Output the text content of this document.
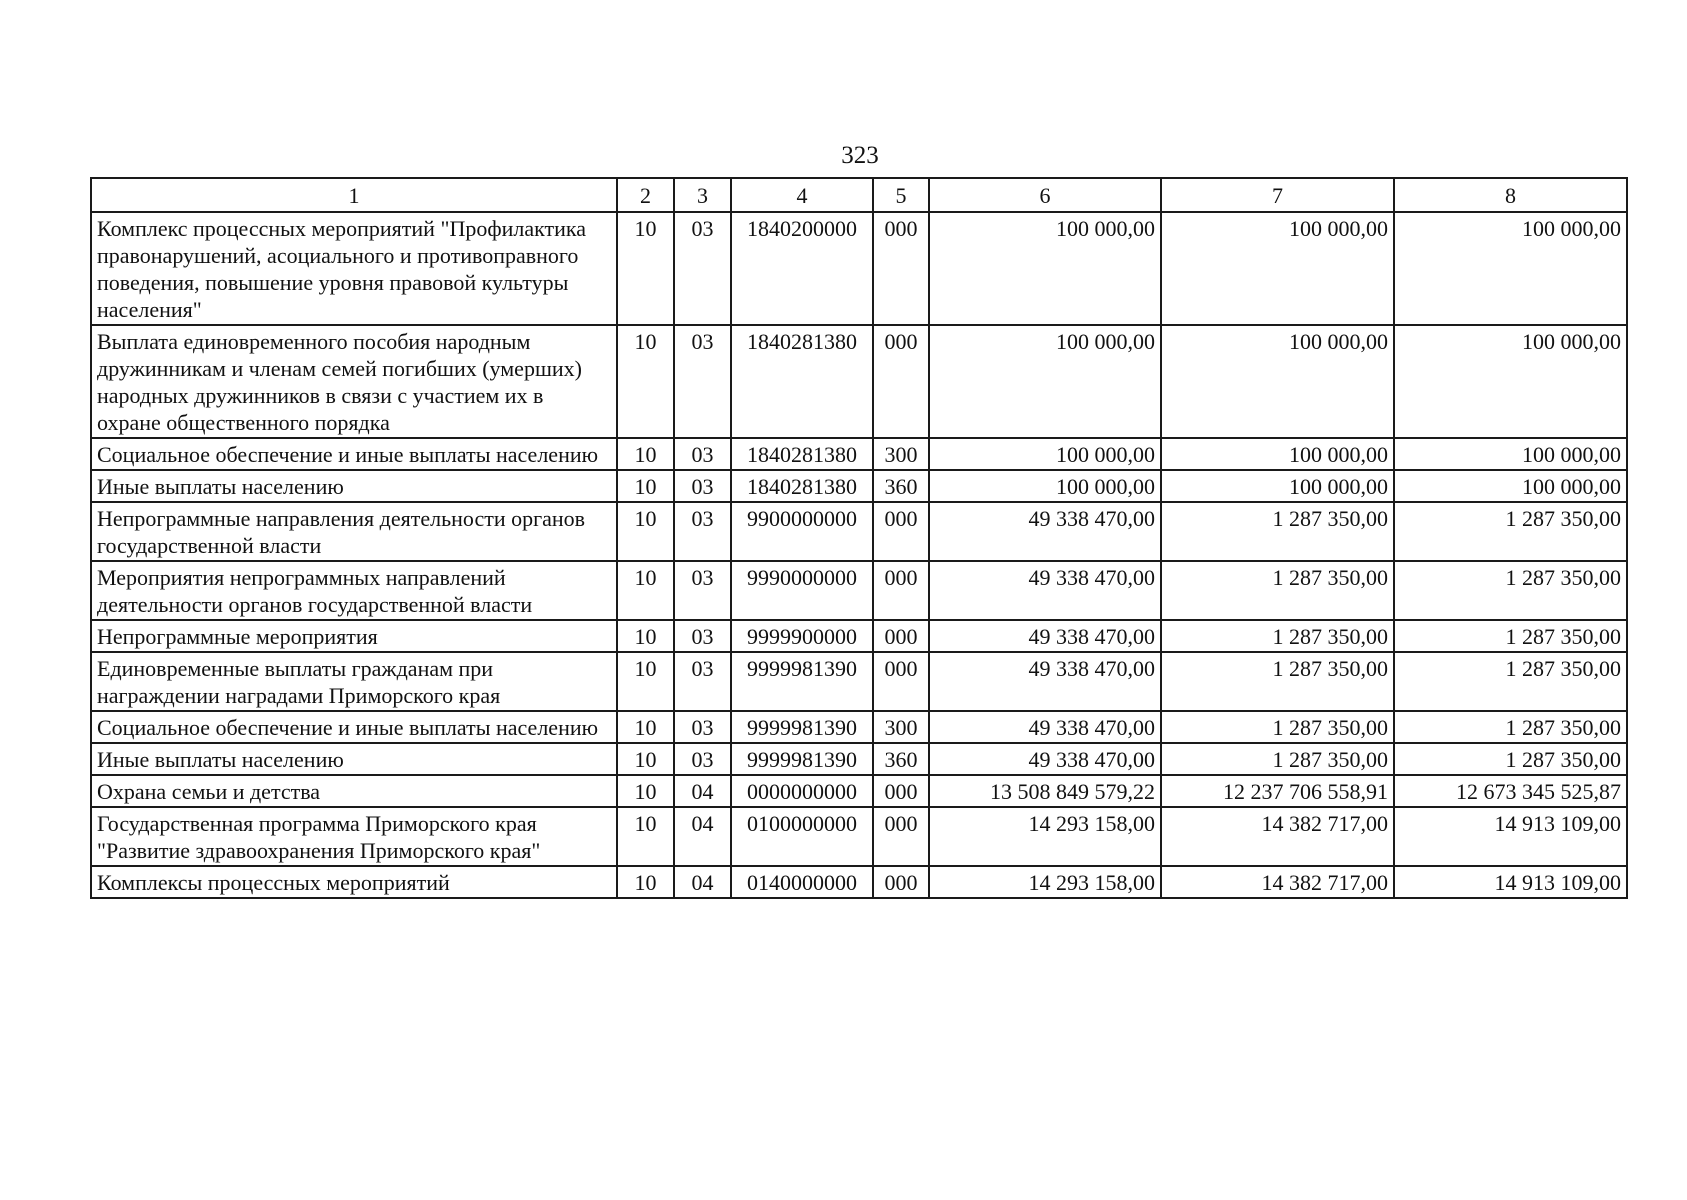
323
1	2	3	4	5	6	7	8
Комплекс процессных мероприятий "Профилактика правонарушений, асоциального и противоправного поведения, повышение уровня правовой культуры населения"	10	03	1840200000	000	100 000,00	100 000,00	100 000,00
Выплата единовременного пособия народным дружинникам и членам семей погибших (умерших) народных дружинников в связи с участием их в охране общественного порядка	10	03	1840281380	000	100 000,00	100 000,00	100 000,00
Социальное обеспечение и иные выплаты населению	10	03	1840281380	300	100 000,00	100 000,00	100 000,00
Иные выплаты населению	10	03	1840281380	360	100 000,00	100 000,00	100 000,00
Непрограммные направления деятельности органов государственной власти	10	03	9900000000	000	49 338 470,00	1 287 350,00	1 287 350,00
Мероприятия непрограммных направлений деятельности органов государственной власти	10	03	9990000000	000	49 338 470,00	1 287 350,00	1 287 350,00
Непрограммные мероприятия	10	03	9999900000	000	49 338 470,00	1 287 350,00	1 287 350,00
Единовременные выплаты гражданам при награждении наградами Приморского края	10	03	9999981390	000	49 338 470,00	1 287 350,00	1 287 350,00
Социальное обеспечение и иные выплаты населению	10	03	9999981390	300	49 338 470,00	1 287 350,00	1 287 350,00
Иные выплаты населению	10	03	9999981390	360	49 338 470,00	1 287 350,00	1 287 350,00
Охрана семьи и детства	10	04	0000000000	000	13 508 849 579,22	12 237 706 558,91	12 673 345 525,87
Государственная программа Приморского края "Развитие здравоохранения Приморского края"	10	04	0100000000	000	14 293 158,00	14 382 717,00	14 913 109,00
Комплексы процессных мероприятий	10	04	0140000000	000	14 293 158,00	14 382 717,00	14 913 109,00
